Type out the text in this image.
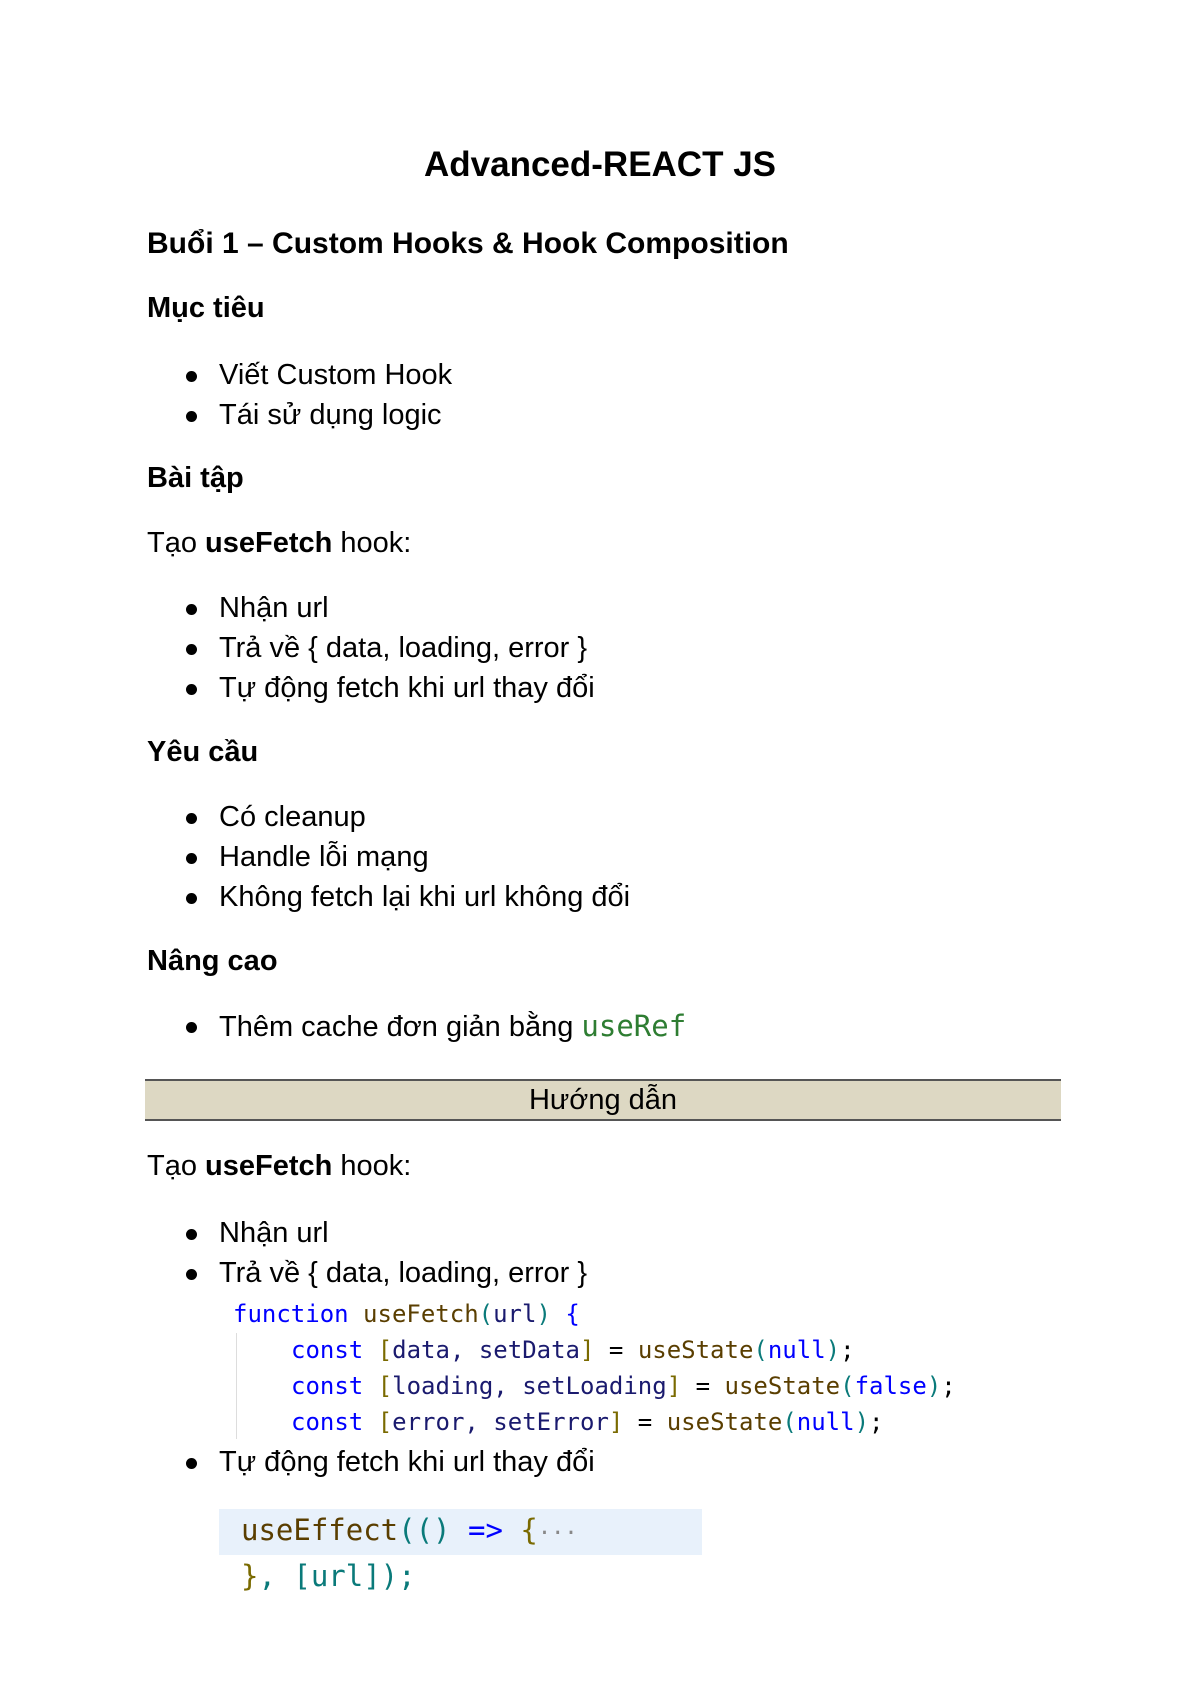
Advanced-REACT JS
Buổi 1 – Custom Hooks & Hook Composition
Mục tiêu
Viết Custom Hook
Tái sử dụng logic
Bài tập
Tạo useFetch hook:
Nhận url
Trả về { data, loading, error }
Tự động fetch khi url thay đổi
Yêu cầu
Có cleanup
Handle lỗi mạng
Không fetch lại khi url không đổi
Nâng cao
Thêm cache đơn giản bằng useRef
Hướng dẫn
Tạo useFetch hook:
Nhận url
Trả về { data, loading, error }
function useFetch(url) {
const [data, setData] = useState(null);
const [loading, setLoading] = useState(false);
const [error, setError] = useState(null);
Tự động fetch khi url thay đổi
useEffect(() => {···
}, [url]);
